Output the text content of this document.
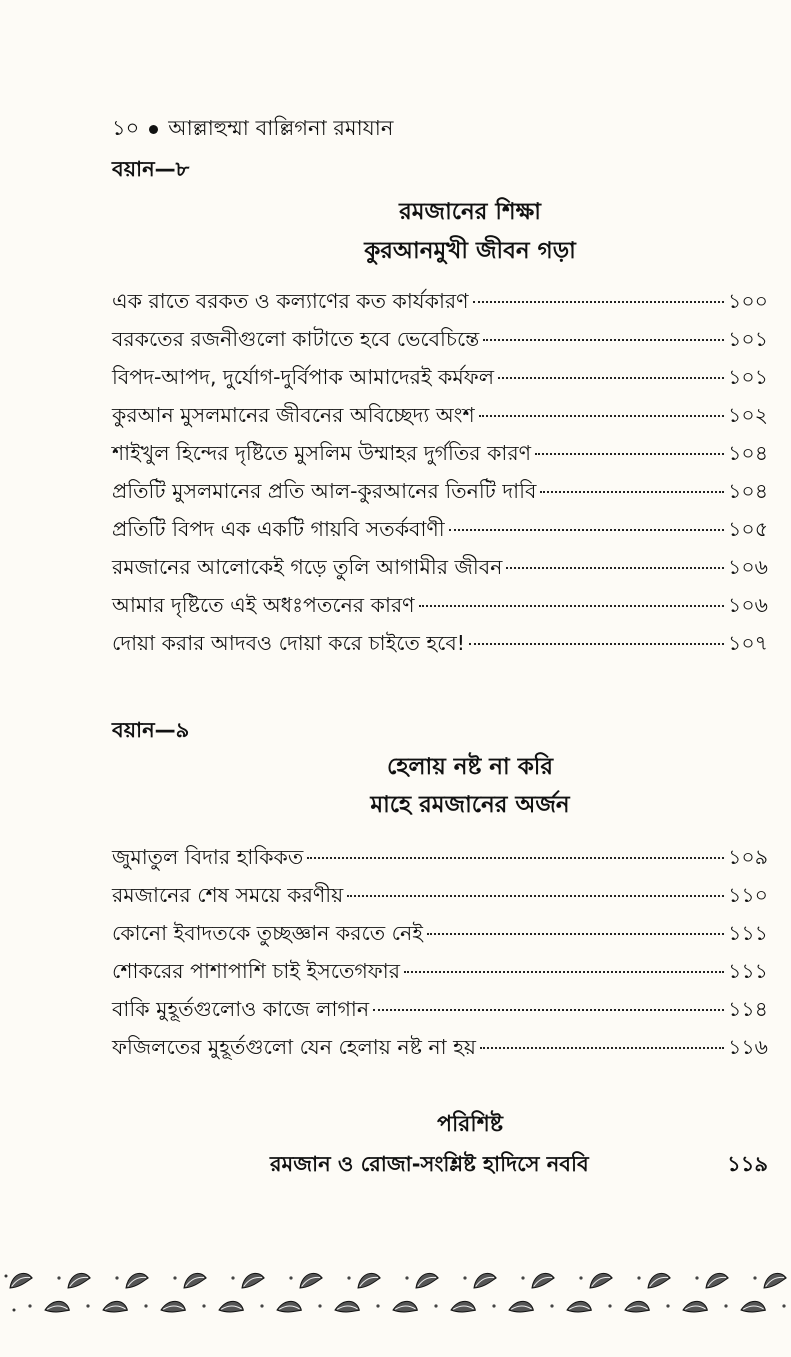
১০ আল্লাহুম্মা বাল্লিগনা রমাযান
বয়ান—৮
রমজানের শিক্ষা
কুরআনমুখী জীবন গড়া
এক রাতে বরকত ও কল্যাণের কত কার্যকারণ	১০০
বরকতের রজনীগুলো কাটাতে হবে ভেবেচিন্তে	১০১
বিপদ-আপদ, দুর্যোগ-দুর্বিপাক আমাদেরই কর্মফল	১০১
কুরআন মুসলমানের জীবনের অবিচ্ছেদ্য অংশ	১০২
শাইখুল হিন্দের দৃষ্টিতে মুসলিম উম্মাহর দুর্গতির কারণ	১০৪
প্রতিটি মুসলমানের প্রতি আল-কুরআনের তিনটি দাবি	১০৪
প্রতিটি বিপদ এক একটি গায়বি সতর্কবাণী	১০৫
রমজানের আলোকেই গড়ে তুলি আগামীর জীবন	১০৬
আমার দৃষ্টিতে এই অধঃপতনের কারণ	১০৬
দোয়া করার আদবও দোয়া করে চাইতে হবে!	১০৭
বয়ান—৯
হেলায় নষ্ট না করি
মাহে রমজানের অর্জন
জুমাতুল বিদার হাকিকত	১০৯
রমজানের শেষ সময়ে করণীয়	১১০
কোনো ইবাদতকে তুচ্ছজ্ঞান করতে নেই	১১১
শোকরের পাশাপাশি চাই ইসতেগফার	১১১
বাকি মুহূর্তগুলোও কাজে লাগান	১১৪
ফজিলতের মুহূর্তগুলো যেন হেলায় নষ্ট না হয়	১১৬
পরিশিষ্ট
রমজান ও রোজা-সংশ্লিষ্ট হাদিসে নববি	১১৯
